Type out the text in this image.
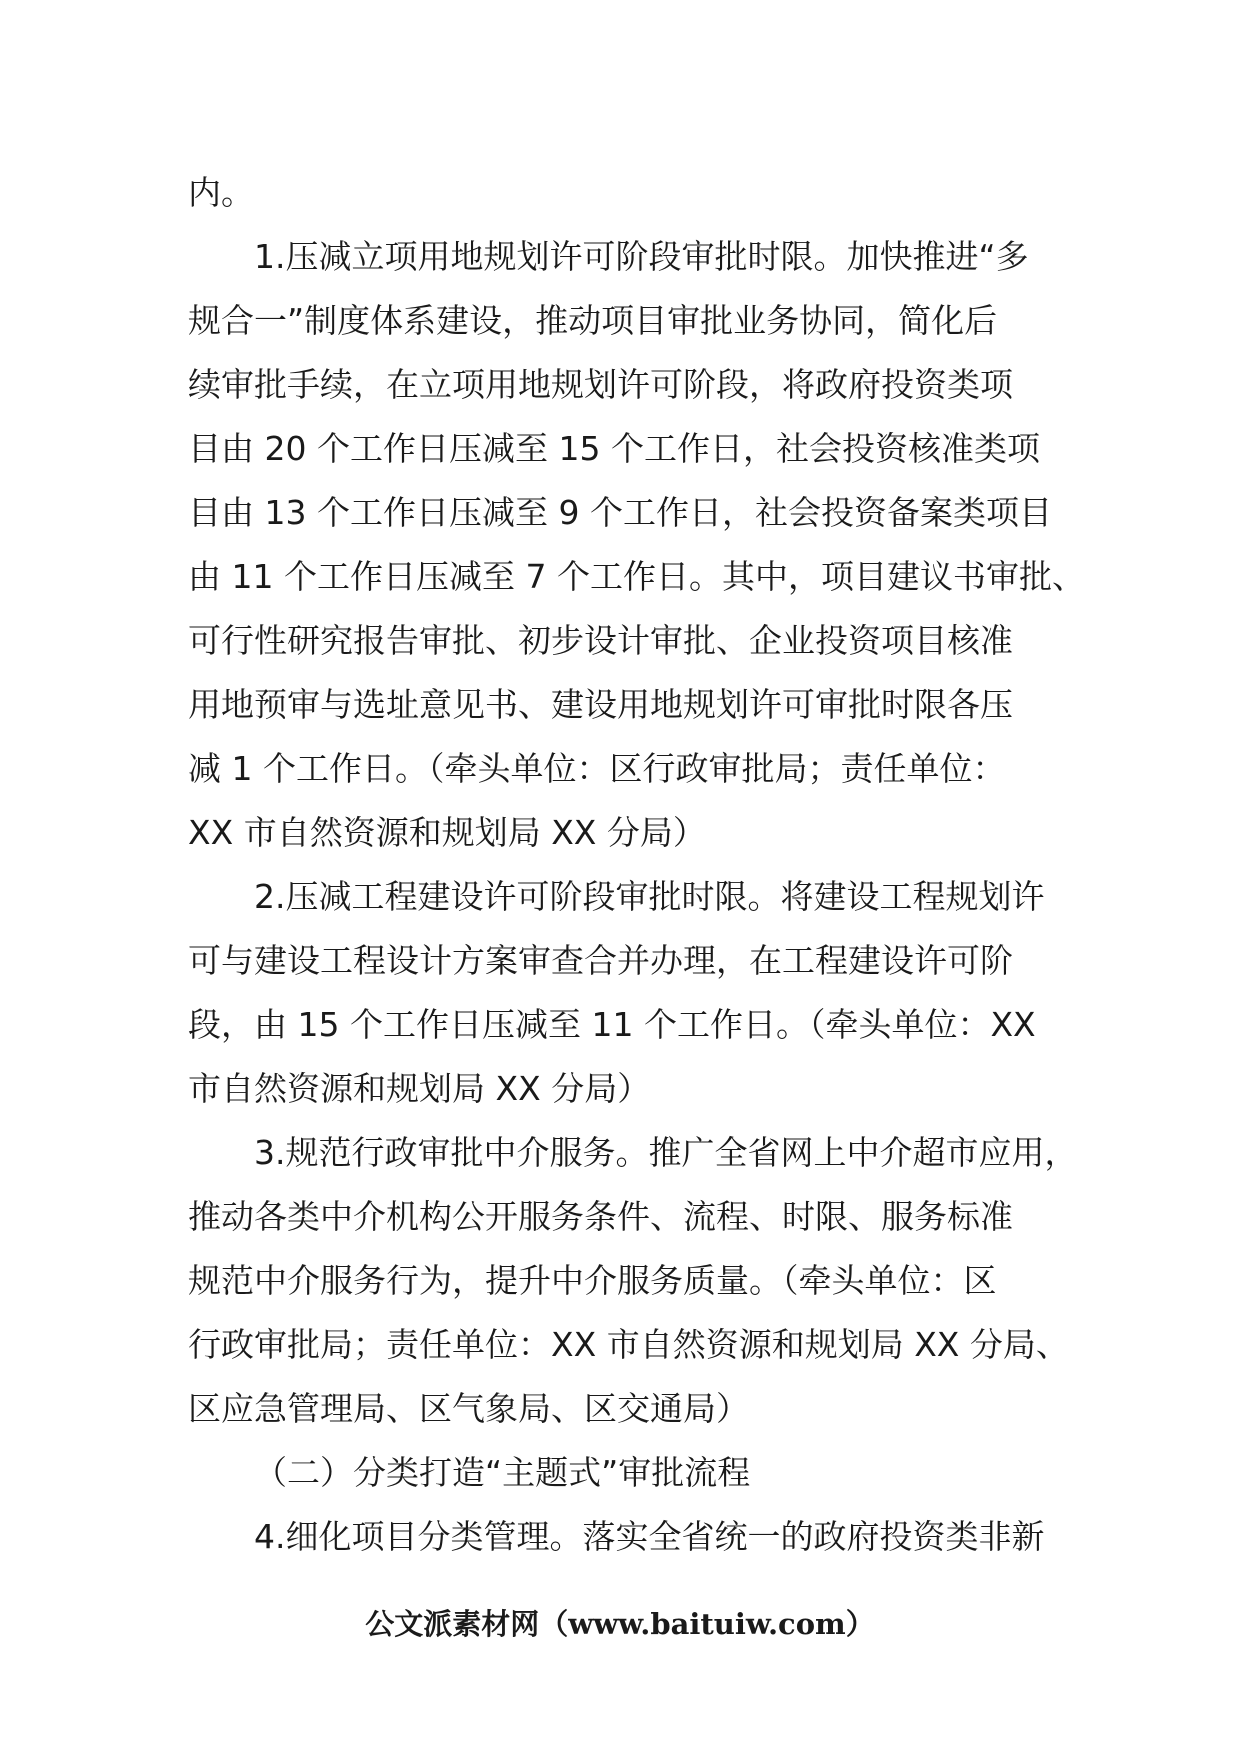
内。
1.压减立项用地规划许可阶段审批时限。加快推进“多
规合一”制度体系建设，推动项目审批业务协同，简化后
续审批手续，在立项用地规划许可阶段，将政府投资类项
目由 20 个工作日压减至 15 个工作日，社会投资核准类项
目由 13 个工作日压减至 9 个工作日，社会投资备案类项目
由 11 个工作日压减至 7 个工作日。其中，项目建议书审批、
可行性研究报告审批、初步设计审批、企业投资项目核准
用地预审与选址意见书、建设用地规划许可审批时限各压
减 1 个工作日。（牵头单位：区行政审批局；责任单位：
XX 市自然资源和规划局 XX 分局）
2.压减工程建设许可阶段审批时限。将建设工程规划许
可与建设工程设计方案审查合并办理，在工程建设许可阶
段，由 15 个工作日压减至 11 个工作日。（牵头单位：XX
市自然资源和规划局 XX 分局）
3.规范行政审批中介服务。推广全省网上中介超市应用，
推动各类中介机构公开服务条件、流程、时限、服务标准
规范中介服务行为，提升中介服务质量。（牵头单位：区
行政审批局；责任单位：XX 市自然资源和规划局 XX 分局、
区应急管理局、区气象局、区交通局）
（二）分类打造“主题式”审批流程
4.细化项目分类管理。落实全省统一的政府投资类非新
公文派素材网（www.baituiw.com）
